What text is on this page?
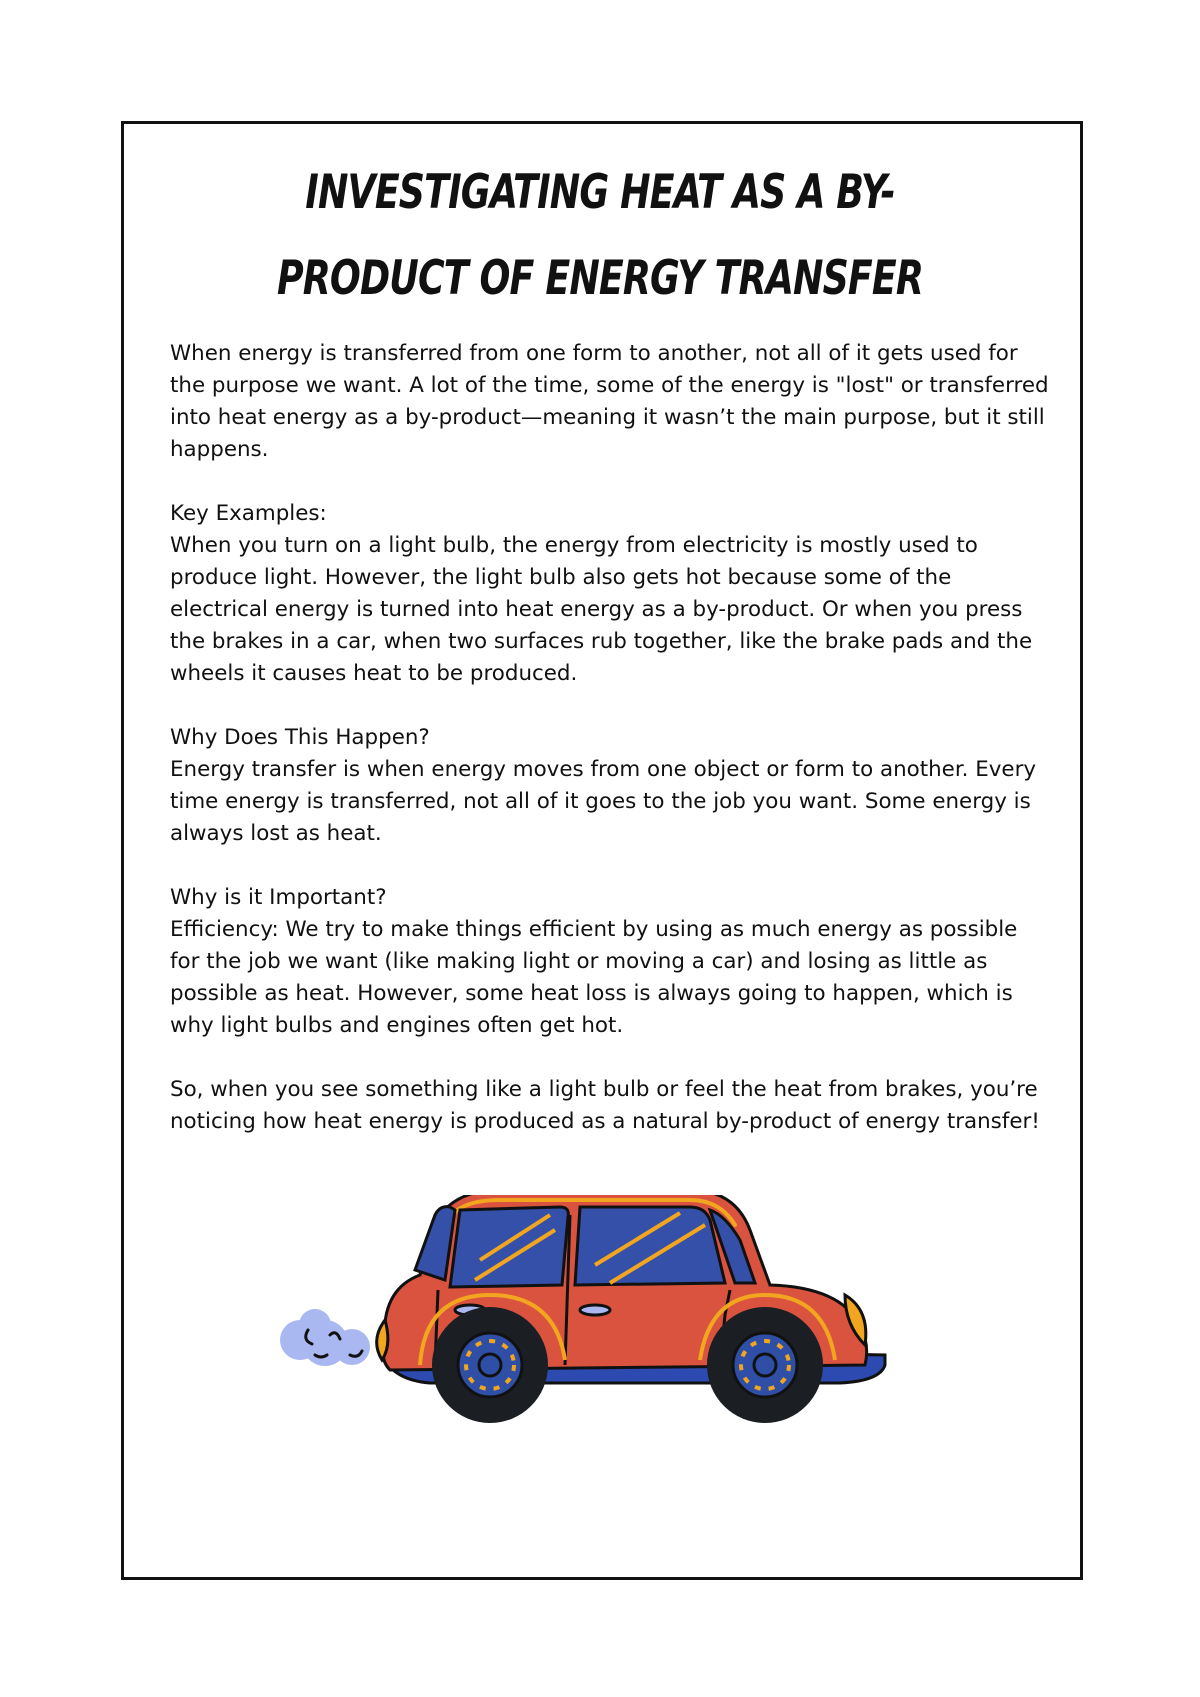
INVESTIGATING HEAT AS A BY-PRODUCT OF ENERGY TRANSFER

When energy is transferred from one form to another, not all of it gets used for the purpose we want. A lot of the time, some of the energy is "lost" or transferred into heat energy as a by-product—meaning it wasn’t the main purpose, but it still happens.

Key Examples:

When you turn on a light bulb, the energy from electricity is mostly used to produce light. However, the light bulb also gets hot because some of the electrical energy is turned into heat energy as a by-product. Or when you press the brakes in a car, when two surfaces rub together, like the brake pads and the wheels it causes heat to be produced.

Why Does This Happen?

Energy transfer is when energy moves from one object or form to another. Every time energy is transferred, not all of it goes to the job you want. Some energy is always lost as heat.

Why is it Important?

Efficiency: We try to make things efficient by using as much energy as possible for the job we want (like making light or moving a car) and losing as little as possible as heat. However, some heat loss is always going to happen, which is why light bulbs and engines often get hot.

So, when you see something like a light bulb or feel the heat from brakes, you’re noticing how heat energy is produced as a natural by-product of energy transfer!
